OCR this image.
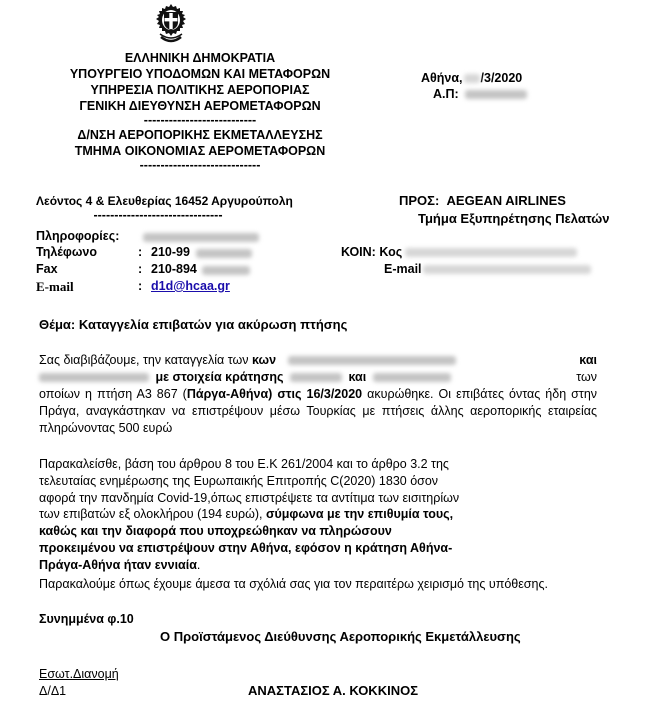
ΕΛΛΗΝΙΚΗ ΔΗΜΟΚΡΑΤΙΑ
ΥΠΟΥΡΓΕΙΟ ΥΠΟΔΟΜΩΝ ΚΑΙ ΜΕΤΑΦΟΡΩΝ
ΥΠΗΡΕΣΙΑ ΠΟΛΙΤΙΚΗΣ ΑΕΡΟΠΟΡΙΑΣ
ΓΕΝΙΚΗ ΔΙΕΥΘΥΝΣΗ ΑΕΡΟΜΕΤΑΦΟΡΩΝ
---------------------------
Δ/ΝΣΗ ΑΕΡΟΠΟΡΙΚΗΣ ΕΚΜΕΤΑΛΛΕΥΣΗΣ
ΤΜΗΜΑ ΟΙΚΟΝΟΜΙΑΣ ΑΕΡΟΜΕΤΑΦΟΡΩΝ
-----------------------------
Λεόντος 4 & Ελευθερίας 16452 Αργυρούπολη
-------------------------------
Αθήνα, /3/2020
Α.Π:
ΠΡΟΣ: AEGEAN AIRLINES
Τμήμα Εξυπηρέτησης Πελατών
Πληροφορίες:
Τηλέφωνο	: 210-99
Fax	: 210-894
E-mail	: d1d@hcaa.gr
ΚΟΙΝ: Κος
E-mail
Θέμα: Καταγγελία επιβατών για ακύρωση πτήσης
Σας διαβιβάζουμε, την καταγγελία των κων	και
με στοιχεία κράτησης	και	των
οποίων η πτήση Α3 867 (Πάργα-Αθήνα) στις 16/3/2020 ακυρώθηκε. Οι επιβάτες όντας ήδη στην Πράγα, αναγκάστηκαν να επιστρέψουν μέσω Τουρκίας με πτήσεις άλλης αεροπορικής εταιρείας πληρώνοντας 500 ευρώ
Παρακαλείσθε, βάση του άρθρου 8 του Ε.Κ 261/2004 και το άρθρο 3.2 της
τελευταίας ενημέρωσης της Ευρωπαικής Επιτροπής C(2020) 1830 όσον
αφορά την πανδημία Covid-19,όπως επιστρέψετε τα αντίτιμα των εισιτηρίων
των επιβατών εξ ολοκλήρου (194 ευρώ), σύμφωνα με την επιθυμία τους,
καθώς και την διαφορά που υποχρεώθηκαν να πληρώσουν
προκειμένου να επιστρέψουν στην Αθήνα, εφόσον η κράτηση Αθήνα-
Πράγα-Αθήνα ήταν εννιαία.
Παρακαλούμε όπως έχουμε άμεσα τα σχόλιά σας για τον περαιτέρω χειρισμό της υπόθεσης.
Συνημμένα φ.10
Ο Προϊστάμενος Διεύθυνσης Αεροπορικής Εκμετάλλευσης
Εσωτ.Διανομή
Δ/Δ1	ΑΝΑΣΤΑΣΙΟΣ Α. ΚΟΚΚΙΝΟΣ
